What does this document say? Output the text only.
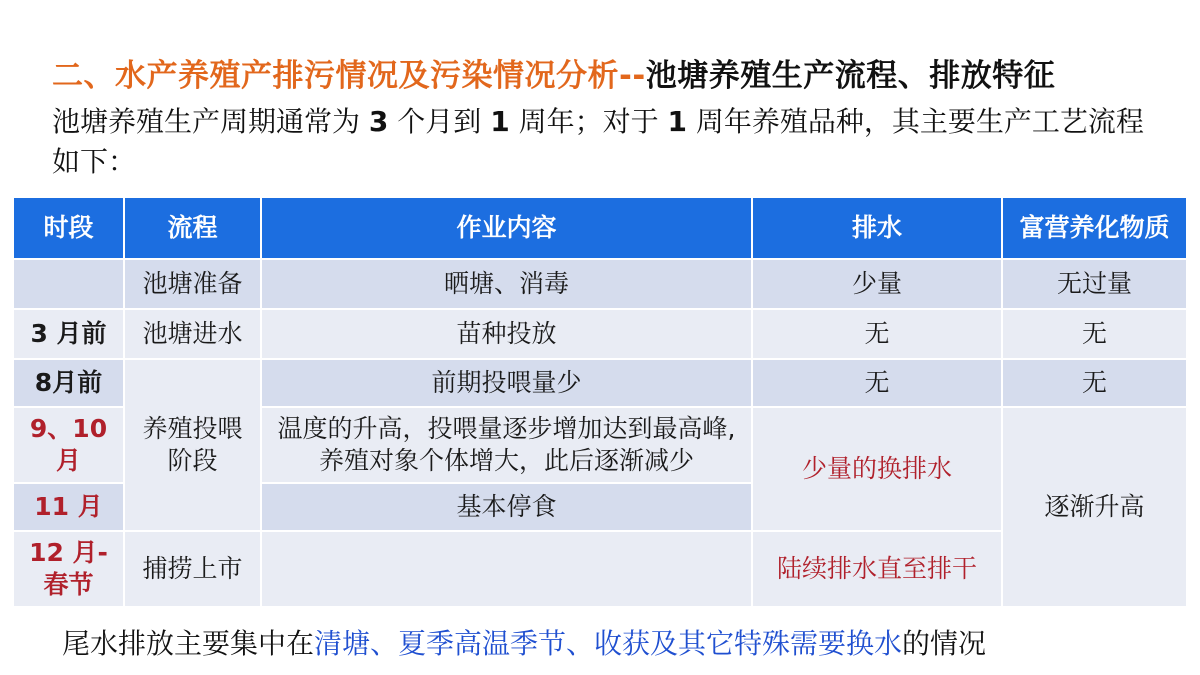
二、水产养殖产排污情况及污染情况分析--池塘养殖生产流程、排放特征
池塘养殖生产周期通常为 3 个月到 1 周年；对于 1 周年养殖品种，其主要生产工艺流程如下：
时段	流程	作业内容	排水	富营养化物质
	池塘准备	晒塘、消毒	少量	无过量
3 月前	池塘进水	苗种投放	无	无
8月前	养殖投喂阶段	前期投喂量少	无	无
9、10 月		温度的升高，投喂量逐步增加达到最高峰,养殖对象个体增大，此后逐渐减少	少量的换排水	逐渐升高
11 月		基本停食		
12 月-春节	捕捞上市		陆续排水直至排干	
尾水排放主要集中在清塘、夏季高温季节、收获及其它特殊需要换水的情况
